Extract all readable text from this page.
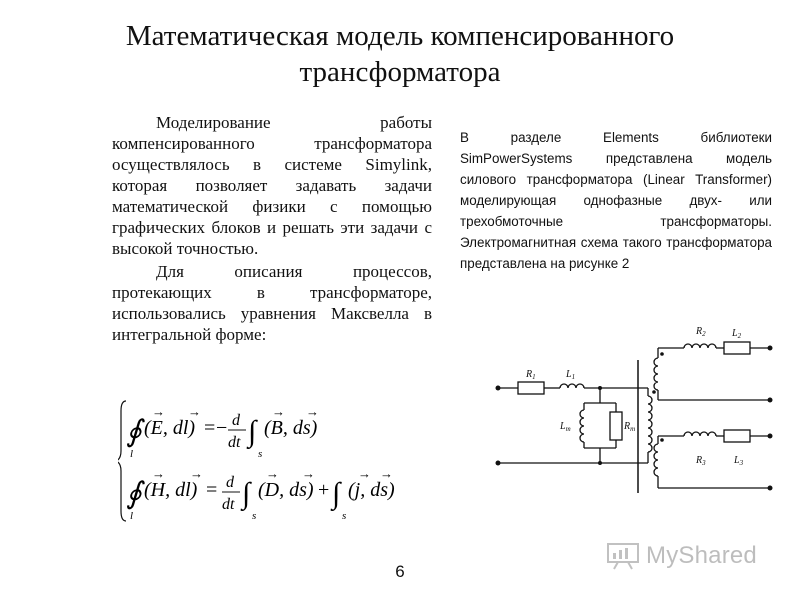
Математическая модель компенсированного
трансформатора

Моделирование работы компенсированного трансформатора осуществлялось в системе Simylink, которая позволяет задавать задачи математической физики с помощью графических блоков и решать эти задачи с высокой точностью.

Для описания процессов, протекающих в трансформаторе, использовались уравнения Максвелла в интегральной форме:

В разделе Elements библиотеки SimPowerSystems представлена модель силового трансформатора (Linear Transformer) моделирующая однофазные двух- или трехобмоточные трансформаторы. Электромагнитная схема такого трансформатора представлена на рисунке 2

∮
l
(E, dl)
→ →
= − d
dt ∫
s
(B, ds)
→ →
∮
l
(H, dl)
→ →
= d
dt ∫
s
(D, ds)
→ →
+ ∫
s
(j, ds)
→ →
$R_1$	$L_1$
$L_m$	$R_m$
$R_2$	$L_2$
$R_3$	$L_3$
6
MyShared
